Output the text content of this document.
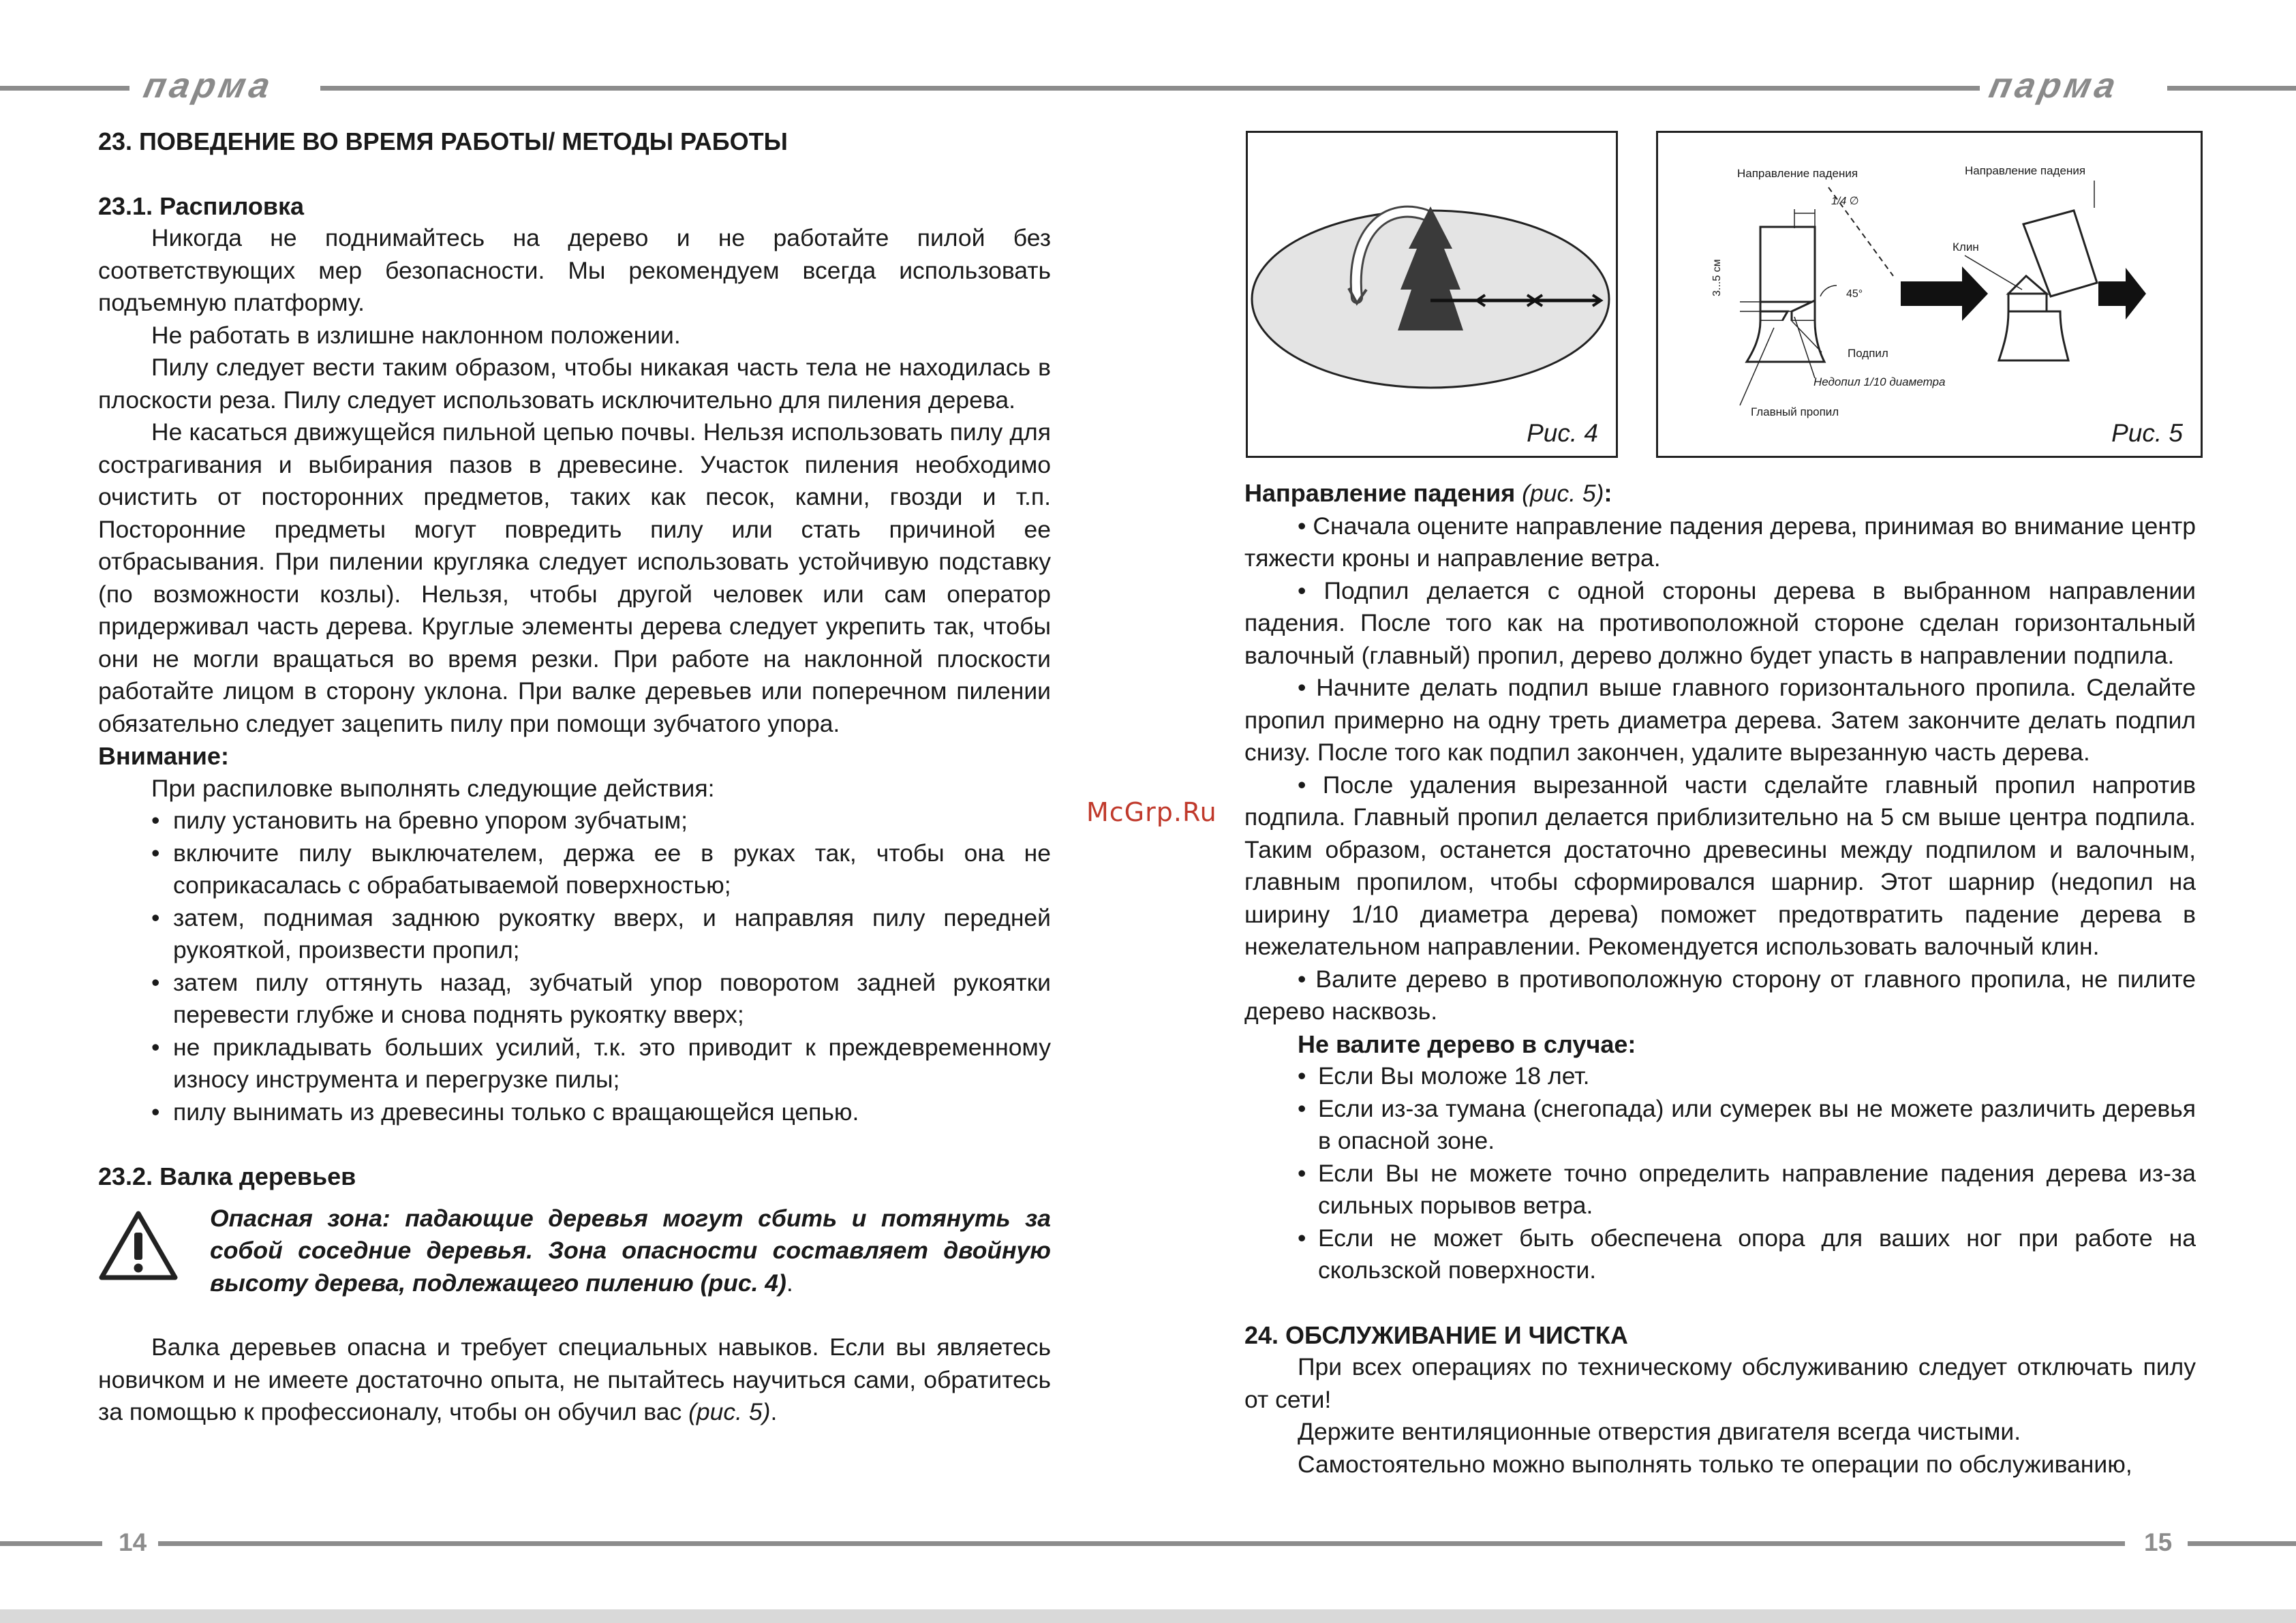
парма	парма
23. ПОВЕДЕНИЕ ВО ВРЕМЯ РАБОТЫ/ МЕТОДЫ РАБОТЫ
23.1. Распиловка

Никогда не поднимайтесь на дерево и не работайте пилой без соответствующих мер безопасности. Мы рекомендуем всегда использовать подъемную платформу.

Не работать в излишне наклонном положении.

Пилу следует вести таким образом, чтобы никакая часть тела не находилась в плоскости реза. Пилу следует использовать исключительно для пиления дерева.

Не касаться движущейся пильной цепью почвы. Нельзя использовать пилу для сострагивания и выбирания пазов в древесине. Участок пиления необходимо очистить от посторонних предметов, таких как песок, камни, гвозди и т.п. Посторонние предметы могут повредить пилу или стать причиной ее отбрасывания. При пилении кругляка следует использовать устойчивую подставку (по возможности козлы). Нельзя, чтобы другой человек или сам оператор придерживал часть дерева. Круглые элементы дерева следует укрепить так, чтобы они не могли вращаться во время резки. При работе на наклонной плоскости работайте лицом в сторону уклона. При валке деревьев или поперечном пилении обязательно следует зацепить пилу при помощи зубчатого упора.

Внимание:

При распиловке выполнять следующие действия:

• пилу установить на бревно упором зубчатым;
• включите пилу выключателем, держа ее в руках так, чтобы она не соприкасалась с обрабатываемой поверхностью;
• затем, поднимая заднюю рукоятку вверх, и направляя пилу передней рукояткой, произвести пропил;
• затем пилу оттянуть назад, зубчатый упор поворотом задней рукоятки перевести глубже и снова поднять рукоятку вверх;
• не прикладывать больших усилий, т.к. это приводит к преждевременному износу инструмента и перегрузке пилы;
• пилу вынимать из древесины только с вращающейся цепью.
23.2. Валка деревьев
Опасная зона: падающие деревья могут сбить и потянуть за собой соседние деревья. Зона опасности составляет двойную высоту дерева, подлежащего пилению (рис. 4).

Валка деревьев опасна и требует специальных навыков. Если вы являетесь новичком и не имеете достаточно опыта, не пытайтесь научиться сами, обратитесь за помощью к профессионалу, чтобы он обучил вас (рис. 5).

McGrp.Ru
Рис. 4
Направление падения	Направление падения
1/4 ∅
3...5 см	45°
Клин
Подпил
Недопил 1/10 диаметра
Главный пропил
Рис. 5
Направление падения (рис. 5):

• Сначала оцените направление падения дерева, принимая во внимание центр тяжести кроны и направление ветра.

• Подпил делается с одной стороны дерева в выбранном направлении падения. После того как на противоположной стороне сделан горизонтальный валочный (главный) пропил, дерево должно будет упасть в направлении подпила.

• Начните делать подпил выше главного горизонтального пропила. Сделайте пропил примерно на одну треть диаметра дерева. Затем закончите делать подпил снизу. После того как подпил закончен, удалите вырезанную часть дерева.

• После удаления вырезанной части сделайте главный пропил напротив подпила. Главный пропил делается приблизительно на 5 см выше центра подпила. Таким образом, останется достаточно древесины между подпилом и валочным, главным пропилом, чтобы сформировался шарнир. Этот шарнир (недопил на ширину 1/10 диаметра дерева) поможет предотвратить падение дерева в нежелательном направлении. Рекомендуется использовать валочный клин.

• Валите дерево в противоположную сторону от главного пропила, не пилите дерево насквозь.

Не валите дерево в случае:
• Если Вы моложе 18 лет.
• Если из-за тумана (снегопада) или сумерек вы не можете различить деревья в опасной зоне.
• Если Вы не можете точно определить направление падения дерева из-за сильных порывов ветра.
• Если не может быть обеспечена опора для ваших ног при работе на скользской поверхности.
24. ОБСЛУЖИВАНИЕ И ЧИСТКА

При всех операциях по техническому обслуживанию следует отключать пилу от сети!

Держите вентиляционные отверстия двигателя всегда чистыми.

Самостоятельно можно выполнять только те операции по обслуживанию,

14	15
